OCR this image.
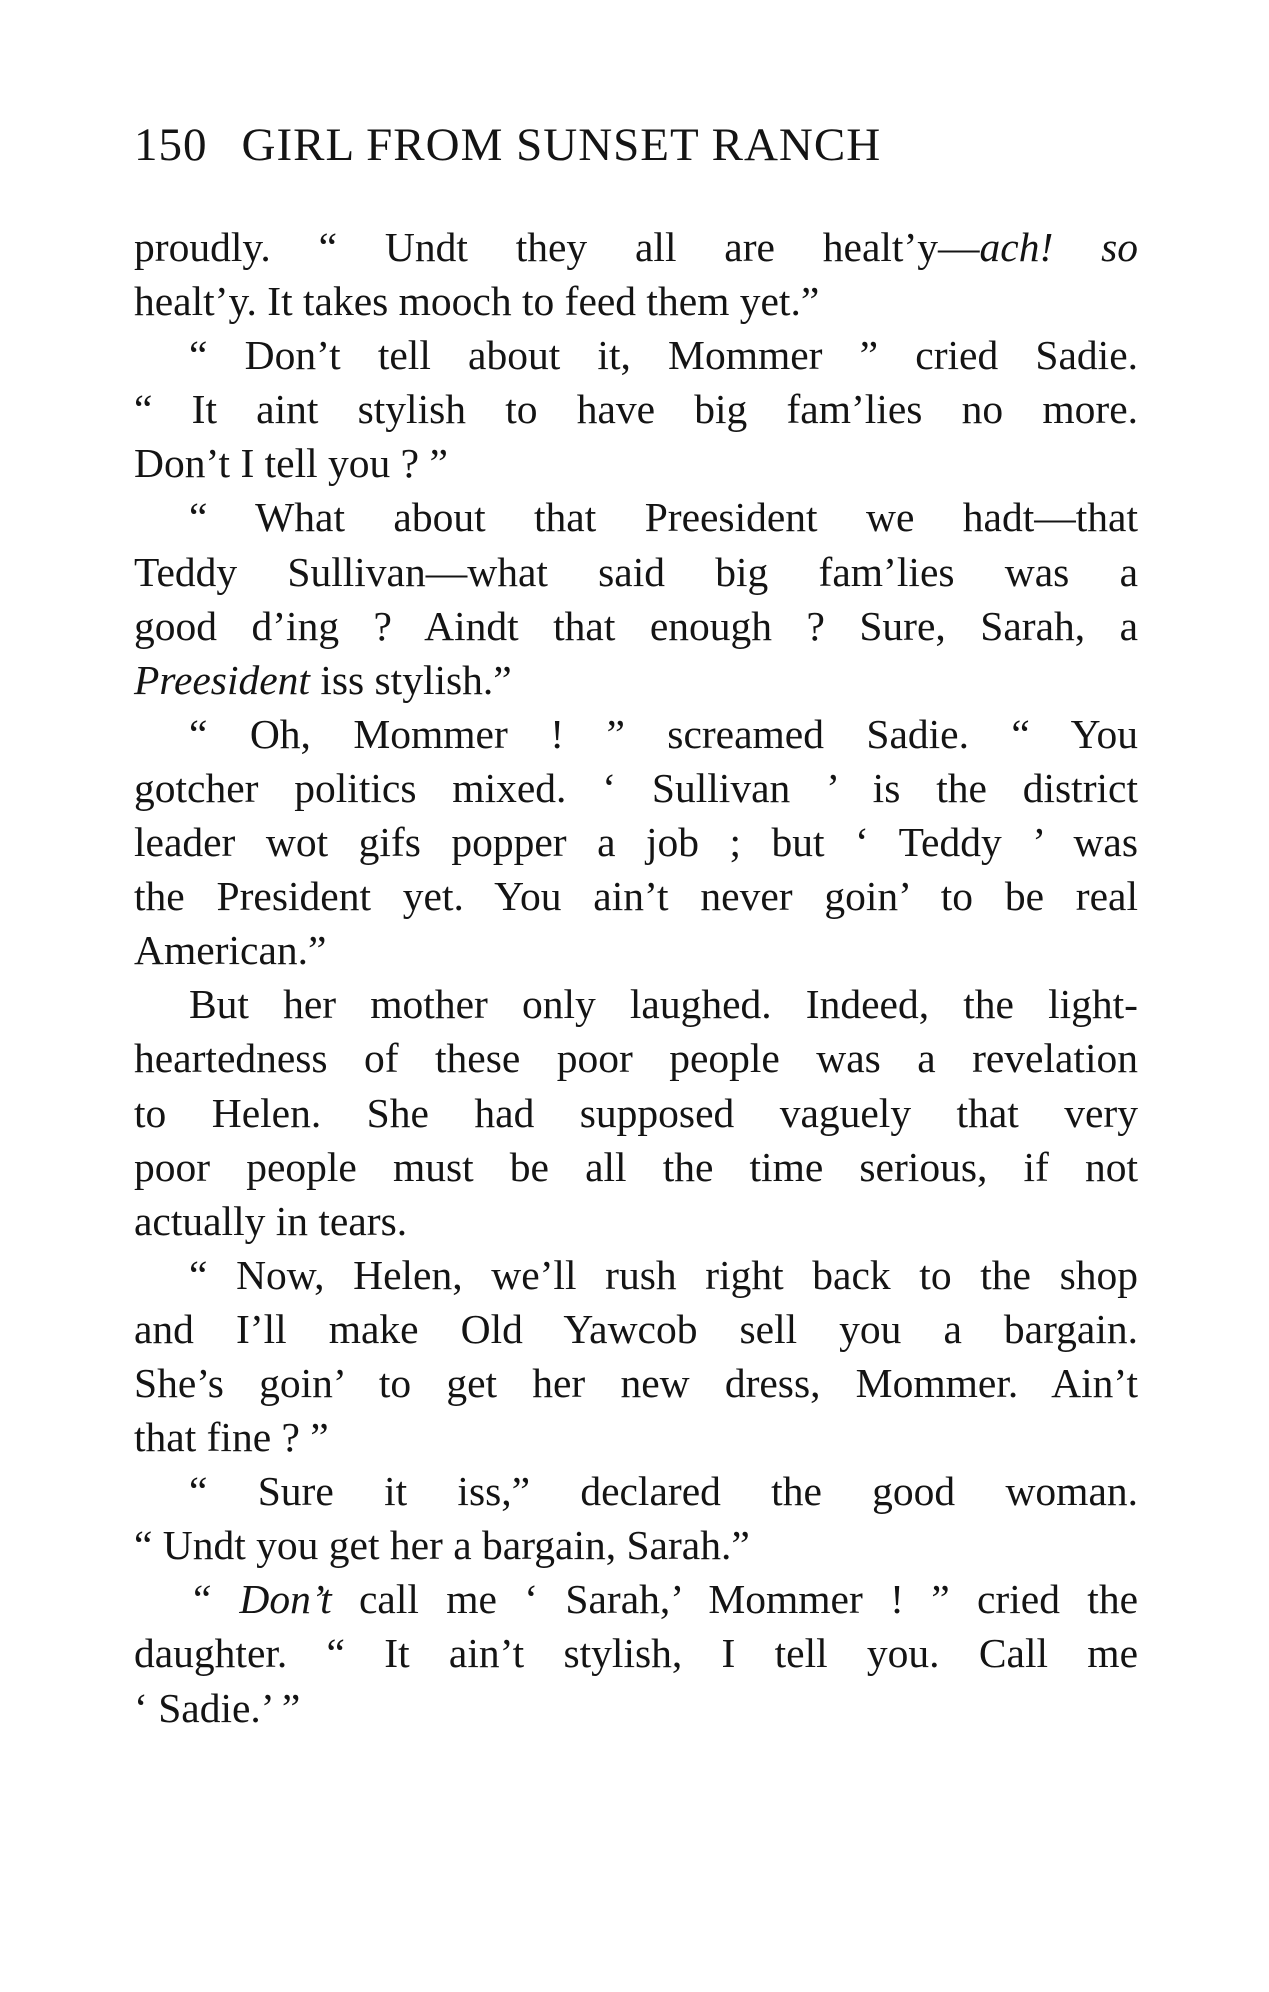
150 GIRL FROM SUNSET RANCH
proudly. “ Undt they all are healt’y—ach! so
healt’y. It takes mooch to feed them yet.”
“ Don’t tell about it, Mommer ” cried Sadie.
“ It aint stylish to have big fam’lies no more.
Don’t I tell you ? ”
“ What about that Preesident we hadt—that
Teddy Sullivan—what said big fam’lies was a
good d’ing ? Aindt that enough ? Sure, Sarah, a
Preesident iss stylish.”
“ Oh, Mommer ! ” screamed Sadie. “ You
gotcher politics mixed. ‘ Sullivan ’ is the district
leader wot gifs popper a job ; but ‘ Teddy ’ was
the President yet. You ain’t never goin’ to be real
American.”
But her mother only laughed. Indeed, the light-
heartedness of these poor people was a revelation
to Helen. She had supposed vaguely that very
poor people must be all the time serious, if not
actually in tears.
“ Now, Helen, we’ll rush right back to the shop
and I’ll make Old Yawcob sell you a bargain.
She’s goin’ to get her new dress, Mommer. Ain’t
that fine ? ”
“ Sure it iss,” declared the good woman.
“ Undt you get her a bargain, Sarah.”
“ Don’t call me ‘ Sarah,’ Mommer ! ” cried the
daughter. “ It ain’t stylish, I tell you. Call me
‘ Sadie.’ ”
